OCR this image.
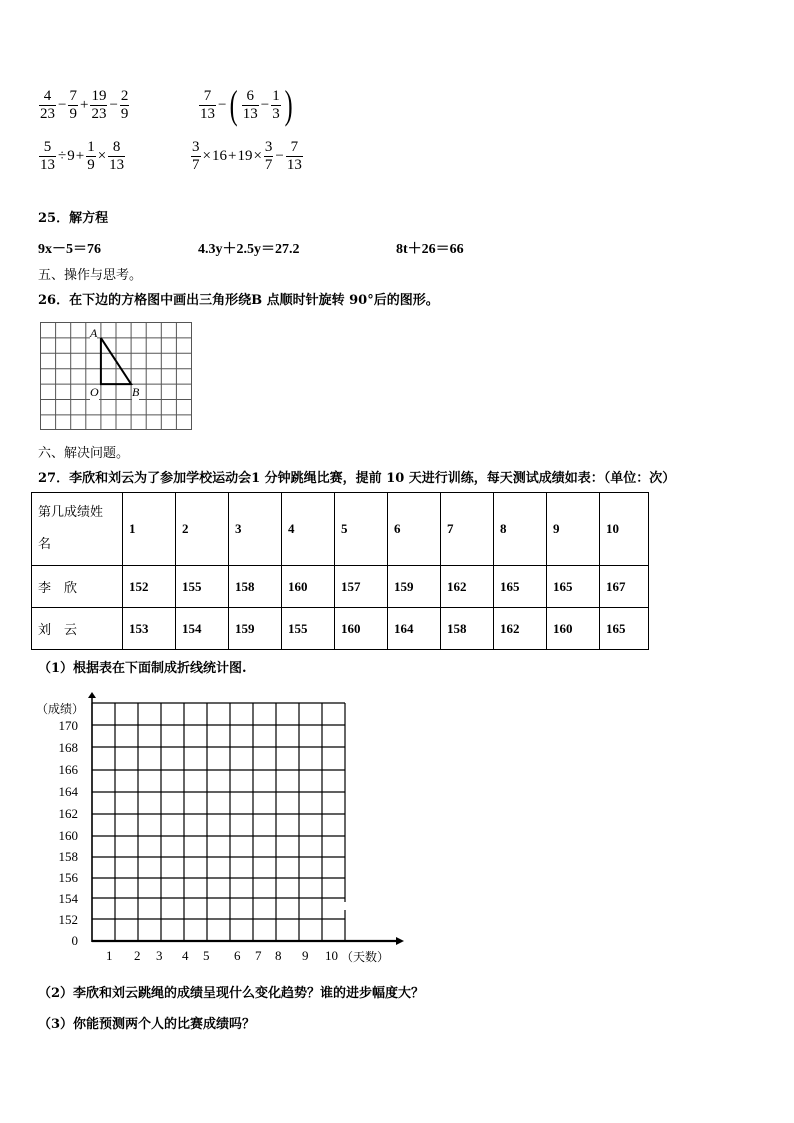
$\frac{4}{23} - \frac{7}{9} + \frac{19}{23} - \frac{2}{9}$	$\frac{7}{13}$ − ( $\frac{6}{13} - \frac{1}{3}$ )
$\frac{5}{13} \div 9 + \frac{1}{9} \times \frac{8}{13}$	$\frac{3}{7} \times 16 + 19 \times \frac{3}{7} - \frac{7}{13}$
25．解方程
9x－5＝76	4.3y＋2.5y＝27.2	8t＋26＝66
五、操作与思考。
26．在下边的方格图中画出三角形绕B 点顺时针旋转 90°后的图形。
A
O	B
六、解决问题。
27．李欣和刘云为了参加学校运动会1 分钟跳绳比赛，提前 10 天进行训练，每天测试成绩如表：（单位：次）
第几成绩姓
名	1	2	3	4	5	6	7	8	9	10
李　欣	152	155	158	160	157	159	162	165	165	167
刘　云	153	154	159	155	160	164	158	162	160	165
（1）根据表在下面制成折线统计图.
（成绩）
170
168
166
164
162
160
158
156
154
152
0
1 2 3 4 5 6 7 8 9 10 （天数）
（2）李欣和刘云跳绳的成绩呈现什么变化趋势？谁的进步幅度大？
（3）你能预测两个人的比赛成绩吗？
